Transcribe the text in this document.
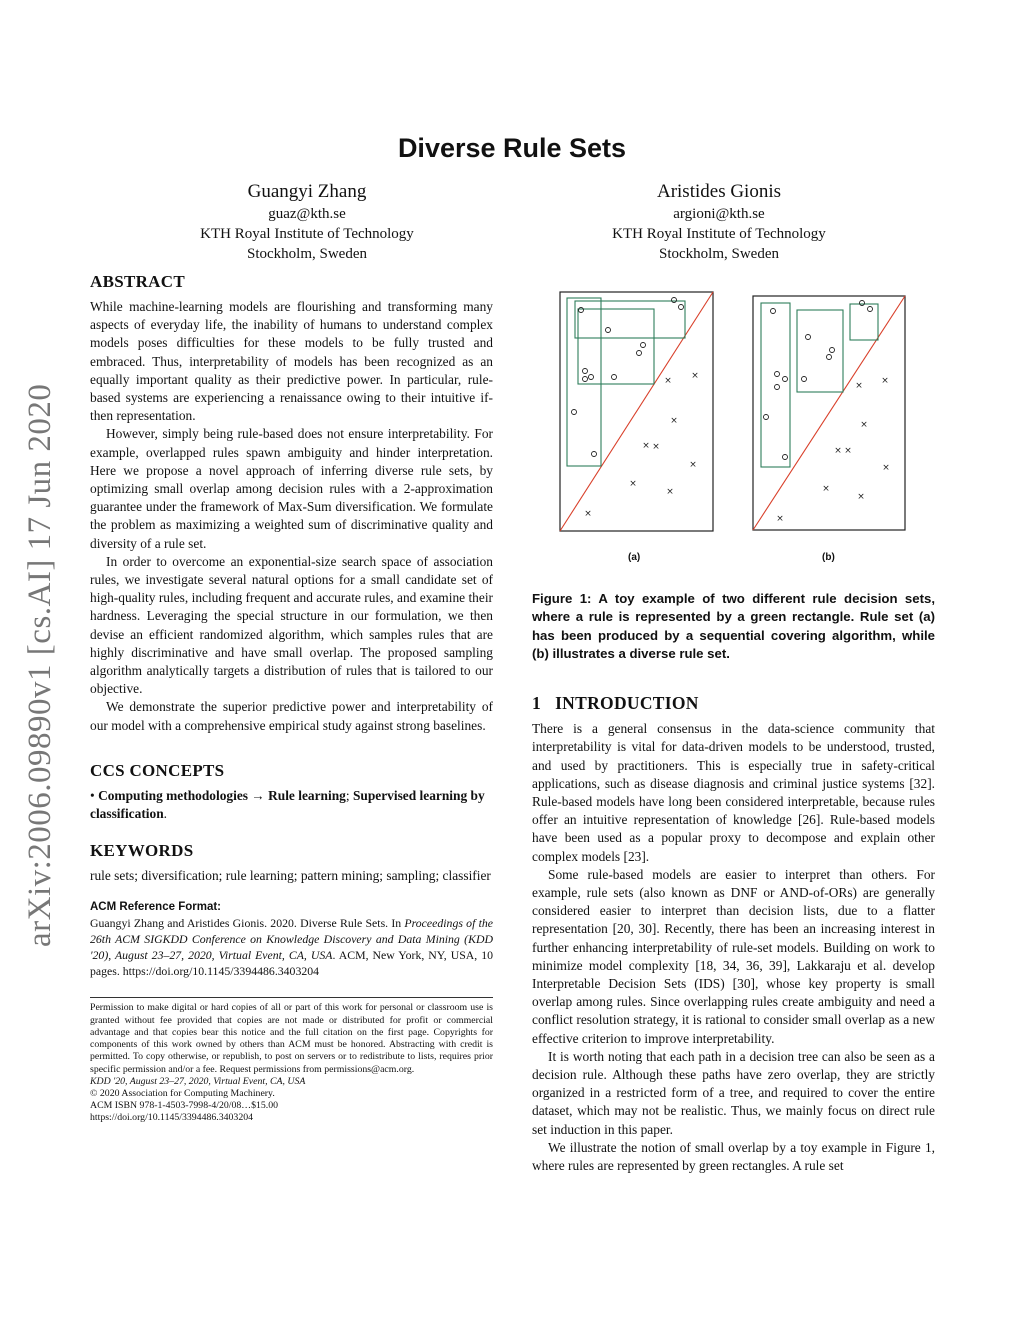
arXiv:2006.09890v1 [cs.AI] 17 Jun 2020
Diverse Rule Sets
Guangyi Zhang
guaz@kth.se
KTH Royal Institute of Technology
Stockholm, Sweden
Aristides Gionis
argioni@kth.se
KTH Royal Institute of Technology
Stockholm, Sweden
ABSTRACT

While machine-learning models are flourishing and transforming many aspects of everyday life, the inability of humans to understand complex models poses difficulties for these models to be fully trusted and embraced. Thus, interpretability of models has been recognized as an equally important quality as their predictive power. In particular, rule-based systems are experiencing a renaissance owing to their intuitive if-then representation.

However, simply being rule-based does not ensure interpretability. For example, overlapped rules spawn ambiguity and hinder interpretation. Here we propose a novel approach of inferring diverse rule sets, by optimizing small overlap among decision rules with a 2-approximation guarantee under the framework of Max-Sum diversification. We formulate the problem as maximizing a weighted sum of discriminative quality and diversity of a rule set.

In order to overcome an exponential-size search space of association rules, we investigate several natural options for a small candidate set of high-quality rules, including frequent and accurate rules, and examine their hardness. Leveraging the special structure in our formulation, we then devise an efficient randomized algorithm, which samples rules that are highly discriminative and have small overlap. The proposed sampling algorithm analytically targets a distribution of rules that is tailored to our objective.

We demonstrate the superior predictive power and interpretability of our model with a comprehensive empirical study against strong baselines.

CCS CONCEPTS

• Computing methodologies → Rule learning; Supervised learning by classification.

KEYWORDS

rule sets; diversification; rule learning; pattern mining; sampling; classifier

ACM Reference Format:

Guangyi Zhang and Aristides Gionis. 2020. Diverse Rule Sets. In Proceedings of the 26th ACM SIGKDD Conference on Knowledge Discovery and Data Mining (KDD '20), August 23–27, 2020, Virtual Event, CA, USA. ACM, New York, NY, USA, 10 pages. https://doi.org/10.1145/3394486.3403204

Permission to make digital or hard copies of all or part of this work for personal or classroom use is granted without fee provided that copies are not made or distributed for profit or commercial advantage and that copies bear this notice and the full citation on the first page. Copyrights for components of this work owned by others than ACM must be honored. Abstracting with credit is permitted. To copy otherwise, or republish, to post on servers or to redistribute to lists, requires prior specific permission and/or a fee. Request permissions from permissions@acm.org.

KDD '20, August 23–27, 2020, Virtual Event, CA, USA

© 2020 Association for Computing Machinery.

ACM ISBN 978-1-4503-7998-4/20/08…$15.00

https://doi.org/10.1145/3394486.3403204

×
×
×
× ×
×
×
×
×
×
×
×
× ×
×
×
×
×
(a)	(b)

Figure 1: A toy example of two different rule decision sets, where a rule is represented by a green rectangle. Rule set (a) has been produced by a sequential covering algorithm, while (b) illustrates a diverse rule set.

1   INTRODUCTION

There is a general consensus in the data-science community that interpretability is vital for data-driven models to be understood, trusted, and used by practitioners. This is especially true in safety-critical applications, such as disease diagnosis and criminal justice systems [32]. Rule-based models have long been considered interpretable, because rules offer an intuitive representation of knowledge [26]. Rule-based models have been used as a popular proxy to decompose and explain other complex models [23].

Some rule-based models are easier to interpret than others. For example, rule sets (also known as DNF or AND-of-ORs) are generally considered easier to interpret than decision lists, due to a flatter representation [20, 30]. Recently, there has been an increasing interest in further enhancing interpretability of rule-set models. Building on work to minimize model complexity [18, 34, 36, 39], Lakkaraju et al. develop Interpretable Decision Sets (IDS) [30], whose key property is small overlap among rules. Since overlapping rules create ambiguity and need a conflict resolution strategy, it is rational to consider small overlap as a new effective criterion to improve interpretability.

It is worth noting that each path in a decision tree can also be seen as a decision rule. Although these paths have zero overlap, they are strictly organized in a restricted form of a tree, and required to cover the entire dataset, which may not be realistic. Thus, we mainly focus on direct rule set induction in this paper.

We illustrate the notion of small overlap by a toy example in Figure 1, where rules are represented by green rectangles. A rule set
